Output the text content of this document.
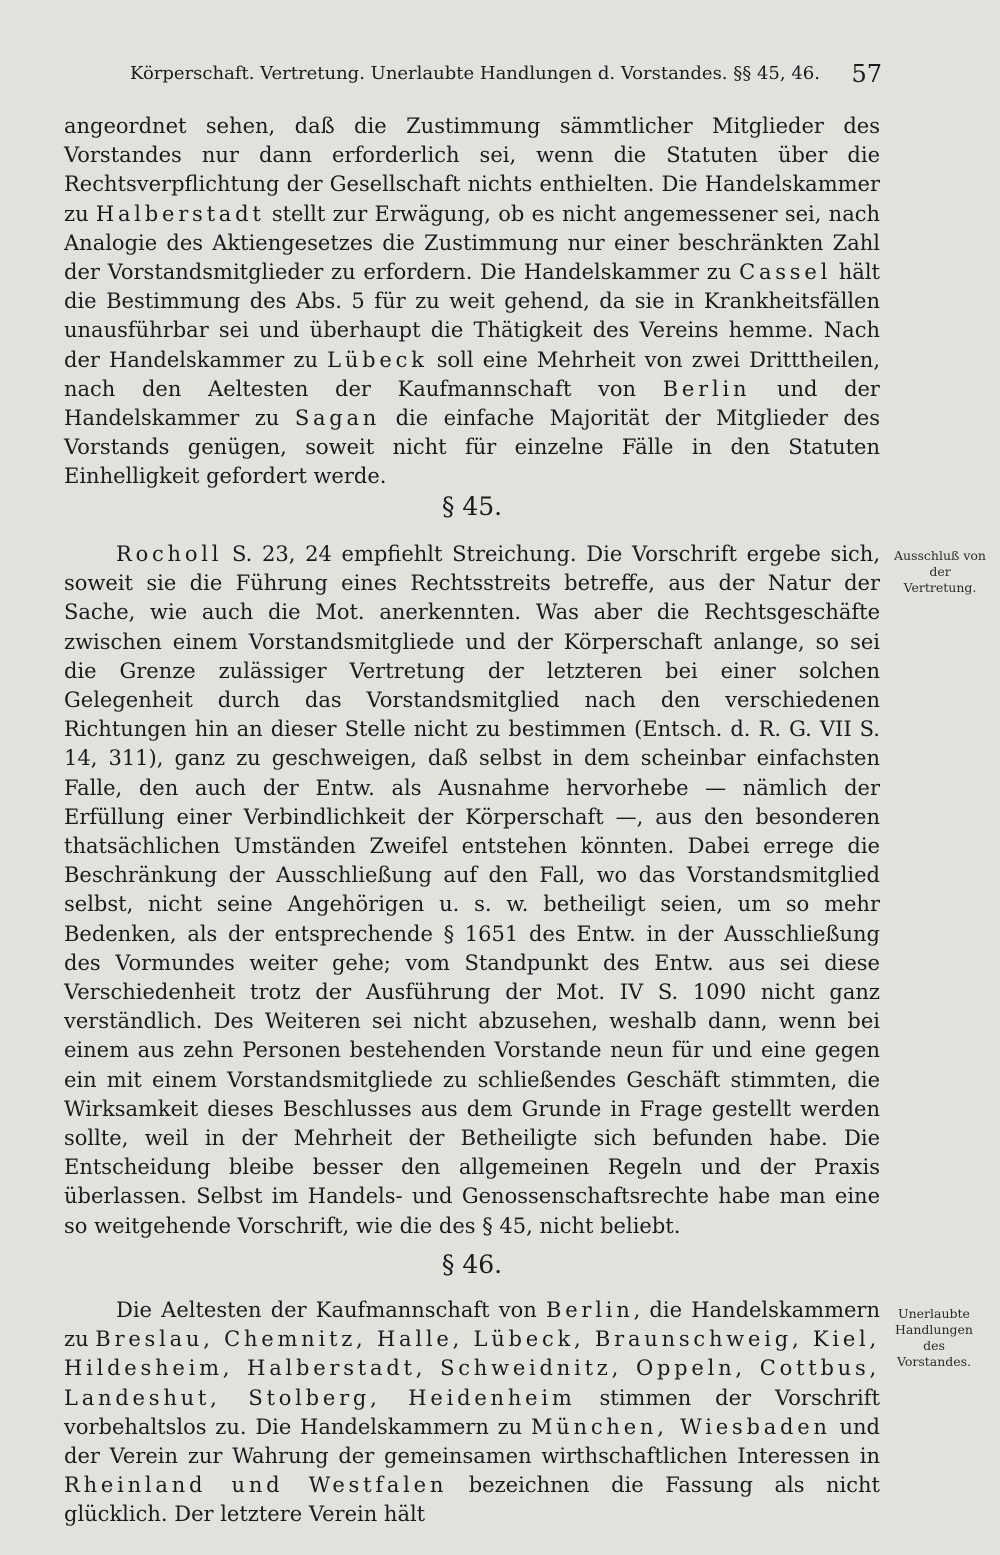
Körperschaft. Vertretung. Unerlaubte Handlungen d. Vorstandes. §§ 45, 46. 57

angeordnet sehen, daß die Zustimmung sämmtlicher Mitglieder des Vorstandes nur dann erforderlich sei, wenn die Statuten über die Rechtsverpflichtung der Gesellschaft nichts enthielten. Die Handelskammer zu Halberstadt stellt zur Erwägung, ob es nicht angemessener sei, nach Analogie des Aktiengesetzes die Zustimmung nur einer beschränkten Zahl der Vorstandsmitglieder zu erfordern. Die Handelskammer zu Cassel hält die Bestimmung des Abs. 5 für zu weit gehend, da sie in Krankheitsfällen unausführbar sei und überhaupt die Thätigkeit des Vereins hemme. Nach der Handelskammer zu Lübeck soll eine Mehrheit von zwei Dritttheilen, nach den Aeltesten der Kaufmannschaft von Berlin und der Handelskammer zu Sagan die einfache Majorität der Mitglieder des Vorstands genügen, soweit nicht für einzelne Fälle in den Statuten Einhelligkeit gefordert werde.

§ 45.

Rocholl S. 23, 24 empfiehlt Streichung. Die Vorschrift ergebe sich, soweit sie die Führung eines Rechtsstreits betreffe, aus der Natur der Sache, wie auch die Mot. anerkennten. Was aber die Rechtsgeschäfte zwischen einem Vorstandsmitgliede und der Körperschaft anlange, so sei die Grenze zulässiger Vertretung der letzteren bei einer solchen Gelegenheit durch das Vorstandsmitglied nach den verschiedenen Richtungen hin an dieser Stelle nicht zu bestimmen (Entsch. d. R. G. VII S. 14, 311), ganz zu geschweigen, daß selbst in dem scheinbar einfachsten Falle, den auch der Entw. als Ausnahme hervorhebe — nämlich der Erfüllung einer Verbindlichkeit der Körperschaft —, aus den besonderen thatsächlichen Umständen Zweifel entstehen könnten. Dabei errege die Beschränkung der Ausschließung auf den Fall, wo das Vorstandsmitglied selbst, nicht seine Angehörigen u. s. w. betheiligt seien, um so mehr Bedenken, als der entsprechende § 1651 des Entw. in der Ausschließung des Vormundes weiter gehe; vom Standpunkt des Entw. aus sei diese Verschiedenheit trotz der Ausführung der Mot. IV S. 1090 nicht ganz verständlich. Des Weiteren sei nicht abzusehen, weshalb dann, wenn bei einem aus zehn Personen bestehenden Vorstande neun für und eine gegen ein mit einem Vorstandsmitgliede zu schließendes Geschäft stimmten, die Wirksamkeit dieses Beschlusses aus dem Grunde in Frage gestellt werden sollte, weil in der Mehrheit der Betheiligte sich befunden habe. Die Entscheidung bleibe besser den allgemeinen Regeln und der Praxis überlassen. Selbst im Handels- und Genossenschaftsrechte habe man eine so weitgehende Vorschrift, wie die des § 45, nicht beliebt.

Ausschluß von der Vertretung.
§ 46.

Die Aeltesten der Kaufmannschaft von Berlin, die Handelskammern zu Breslau, Chemnitz, Halle, Lübeck, Braunschweig, Kiel, Hildesheim, Halberstadt, Schweidnitz, Oppeln, Cottbus, Landeshut, Stolberg, Heidenheim stimmen der Vorschrift vorbehaltslos zu. Die Handelskammern zu München, Wiesbaden und der Verein zur Wahrung der gemeinsamen wirthschaftlichen Interessen in Rheinland und Westfalen bezeichnen die Fassung als nicht glücklich. Der letztere Verein hält

Unerlaubte Handlungen des Vorstandes.
